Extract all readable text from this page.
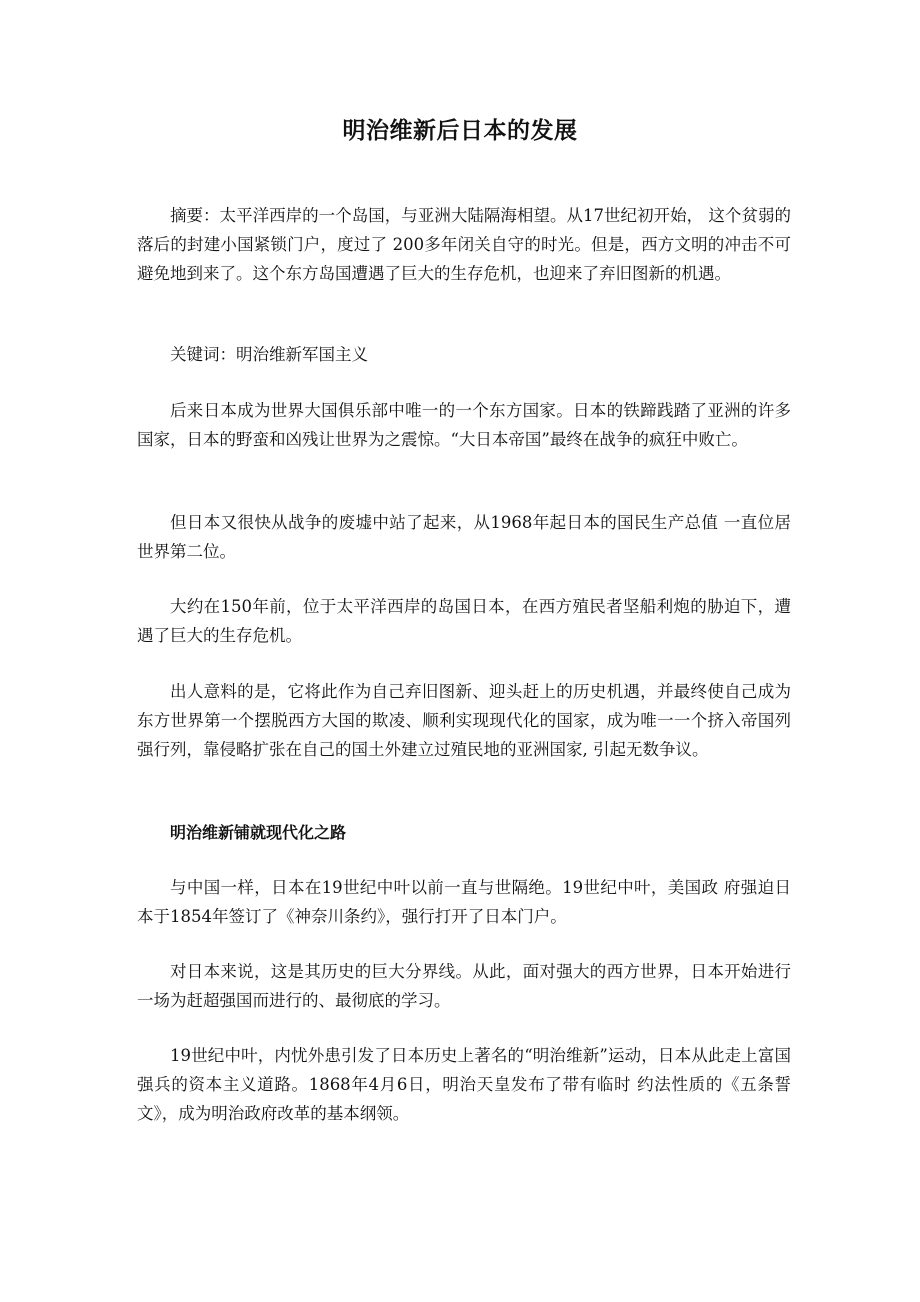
明治维新后日本的发展

摘要：太平洋西岸的一个岛国，与亚洲大陆隔海相望。从17世纪初开始， 这个贫弱的落后的封建小国紧锁门户，度过了 200多年闭关自守的时光。但是，西方文明的冲击不可避免地到来了。这个东方岛国遭遇了巨大的生存危机，也迎来了弃旧图新的机遇。

关键词：明治维新军国主义

后来日本成为世界大国俱乐部中唯一的一个东方国家。日本的铁蹄践踏了亚洲的许多国家，日本的野蛮和凶残让世界为之震惊。“大日本帝国”最终在战争的疯狂中败亡。

但日本又很快从战争的废墟中站了起来，从1968年起日本的国民生产总值 一直位居世界第二位。

大约在150年前，位于太平洋西岸的岛国日本，在西方殖民者坚船利炮的胁迫下，遭遇了巨大的生存危机。

出人意料的是，它将此作为自己弃旧图新、迎头赶上的历史机遇，并最终使自己成为东方世界第一个摆脱西方大国的欺凌、顺利实现现代化的国家，成为唯一一个挤入帝国列强行列，靠侵略扩张在自己的国土外建立过殖民地的亚洲国家, 引起无数争议。

明治维新铺就现代化之路

与中国一样，日本在19世纪中叶以前一直与世隔绝。19世纪中叶，美国政 府强迫日本于1854年签订了《神奈川条约》，强行打开了日本门户。

对日本来说，这是其历史的巨大分界线。从此，面对强大的西方世界，日本开始进行一场为赶超强国而进行的、最彻底的学习。

19世纪中叶，内忧外患引发了日本历史上著名的“明治维新”运动，日本从此走上富国强兵的资本主义道路。1868年4月6日，明治天皇发布了带有临时 约法性质的《五条誓文》，成为明治政府改革的基本纲领。
